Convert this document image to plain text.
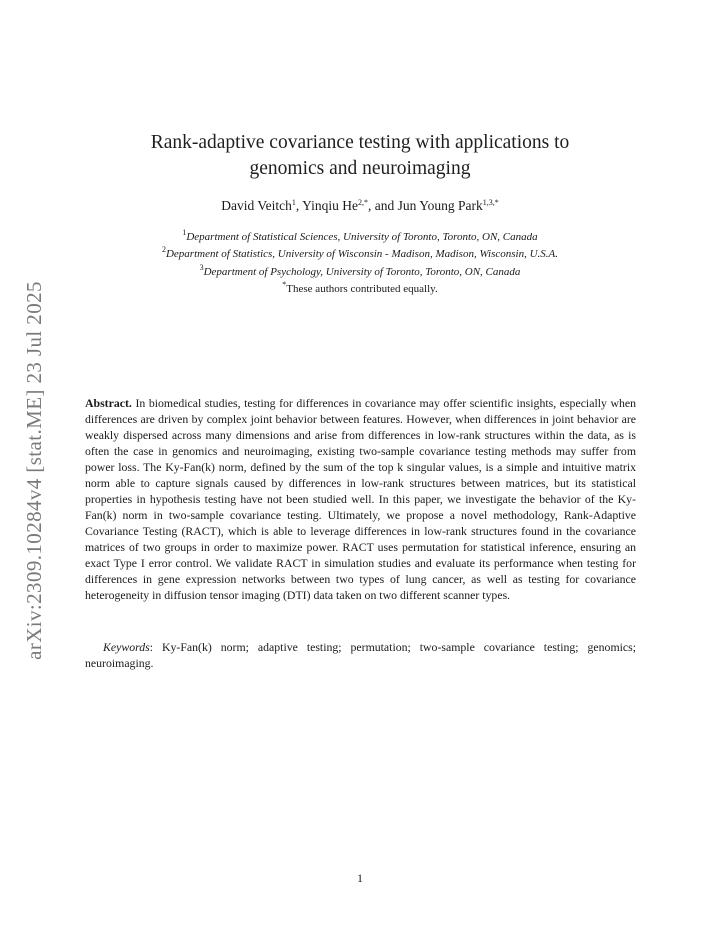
arXiv:2309.10284v4 [stat.ME] 23 Jul 2025
Rank-adaptive covariance testing with applications to
genomics and neuroimaging
David Veitch$^1$, Yinqiu $He^{2,*}$, and Jun Young Park$^{1,3,*}$
$^1$Department of Statistical Sciences, University of Toronto, Toronto, ON, Canada
$^2$Department of Statistics, University of Wisconsin - Madison, Madison, Wisconsin, U.S.A.
$^3$Department of Psychology, University of Toronto, Toronto, ON, Canada
*These authors contributed equally.

Abstract. In biomedical studies, testing for differences in covariance may offer scientific insights, especially when differences are driven by complex joint behavior between features. However, when differences in joint behavior are weakly dispersed across many dimensions and arise from differences in low-rank structures within the data, as is often the case in genomics and neuroimaging, existing two-sample covariance testing methods may suffer from power loss. The Ky-Fan(k) norm, defined by the sum of the top k singular values, is a simple and intuitive matrix norm able to capture signals caused by differences in low-rank structures between matrices, but its statistical properties in hypothesis testing have not been studied well. In this paper, we investigate the behavior of the Ky-Fan(k) norm in two-sample covariance testing. Ultimately, we propose a novel methodology, Rank-Adaptive Covariance Testing (RACT), which is able to leverage differences in low-rank structures found in the covariance matrices of two groups in order to maximize power. RACT uses permutation for statistical inference, ensuring an exact Type I error control. We validate RACT in simulation studies and evaluate its performance when testing for differences in gene expression networks between two types of lung cancer, as well as testing for covariance heterogeneity in diffusion tensor imaging (DTI) data taken on two different scanner types.

Keywords: Ky-Fan(k) norm; adaptive testing; permutation; two-sample covariance testing; genomics; neuroimaging.

1
